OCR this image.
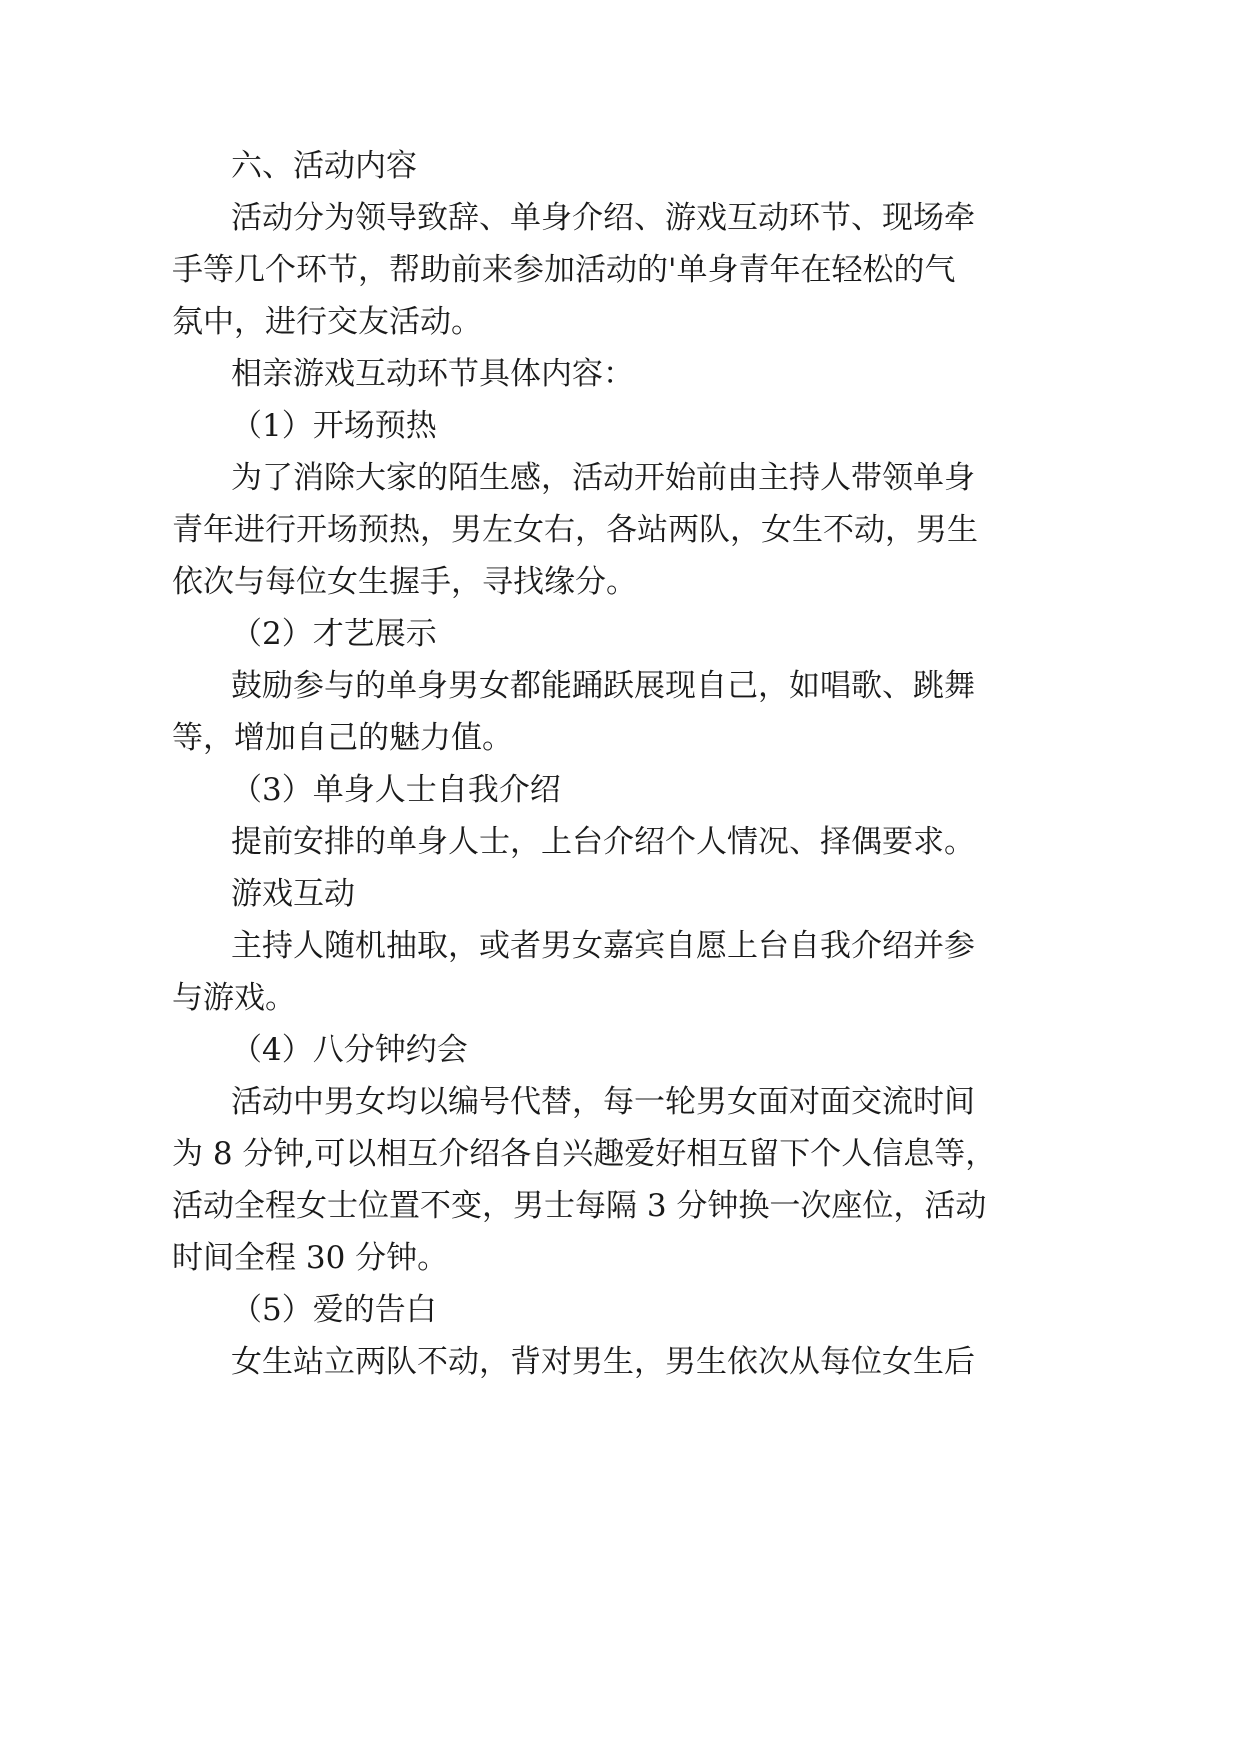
六、活动内容
活动分为领导致辞、单身介绍、游戏互动环节、现场牵
手等几个环节，帮助前来参加活动的'单身青年在轻松的气
氛中，进行交友活动。
相亲游戏互动环节具体内容：
（1）开场预热
为了消除大家的陌生感，活动开始前由主持人带领单身
青年进行开场预热，男左女右，各站两队，女生不动，男生
依次与每位女生握手，寻找缘分。
（2）才艺展示
鼓励参与的单身男女都能踊跃展现自己，如唱歌、跳舞
等，增加自己的魅力值。
（3）单身人士自我介绍
提前安排的单身人士，上台介绍个人情况、择偶要求。
游戏互动
主持人随机抽取，或者男女嘉宾自愿上台自我介绍并参
与游戏。
（4）八分钟约会
活动中男女均以编号代替，每一轮男女面对面交流时间
为 8 分钟,可以相互介绍各自兴趣爱好相互留下个人信息等，
活动全程女士位置不变，男士每隔 3 分钟换一次座位，活动
时间全程 30 分钟。
（5）爱的告白
女生站立两队不动，背对男生，男生依次从每位女生后
